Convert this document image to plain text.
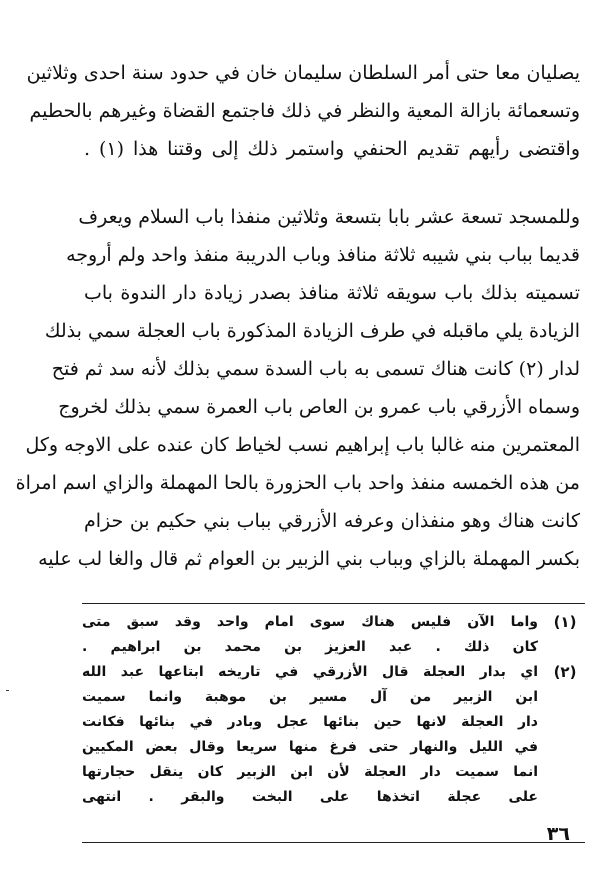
يصليان معا حتى أمر السلطان سليمان خان في حدود سنة احدى وثلاثين
وتسعمائة بازالة المعية والنظر في ذلك فاجتمع القضاة وغيرهم بالحطيم
واقتضى رأيهم تقديم الحنفي واستمر ذلك إلى وقتنا هذا (١) .
وللمسجد تسعة عشر بابا بتسعة وثلاثين منفذا باب السلام ويعرف
قديما بباب بني شيبه ثلاثة منافذ وباب الدريبة منفذ واحد ولم أروجه
تسميته بذلك باب سويقه ثلاثة منافذ بصدر زيادة دار الندوة باب
الزيادة يلي ماقبله في طرف الزيادة المذكورة باب العجلة سمي بذلك
لدار (٢) كانت هناك تسمى به باب السدة سمي بذلك لأنه سد ثم فتح
وسماه الأزرقي باب عمرو بن العاص باب العمرة سمي بذلك لخروج
المعتمرين منه غالبا باب إبراهيم نسب لخياط كان عنده على الاوجه وكل
من هذه الخمسه منفذ واحد باب الحزورة بالحا المهملة والزاي اسم امراة
كانت هناك وهو منفذان وعرفه الأزرقي بباب بني حكيم بن حزام
بكسر المهملة بالزاي وبباب بني الزبير بن العوام ثم قال والغا لب عليه
(١)
واما الآن فليس هناك سوى امام واحد وقد سبق متى
كان ذلك . عبد العزيز بن محمد بن ابراهيم .
(٢)
اي بدار العجلة قال الأزرقي في تاريخه ابتاعها عبد الله
ابن الزبير من آل مسير بن موهبة وانما سميت
دار العجلة لانها حين بنائها عجل وبادر في بنائها فكانت
في الليل والنهار حتى فرغ منها سريعا وقال بعض المكيين
انما سميت دار العجلة لأن ابن الزبير كان ينقل حجارتها
على عجلة اتخذها على البخت والبقر . انتهى
٣٦
